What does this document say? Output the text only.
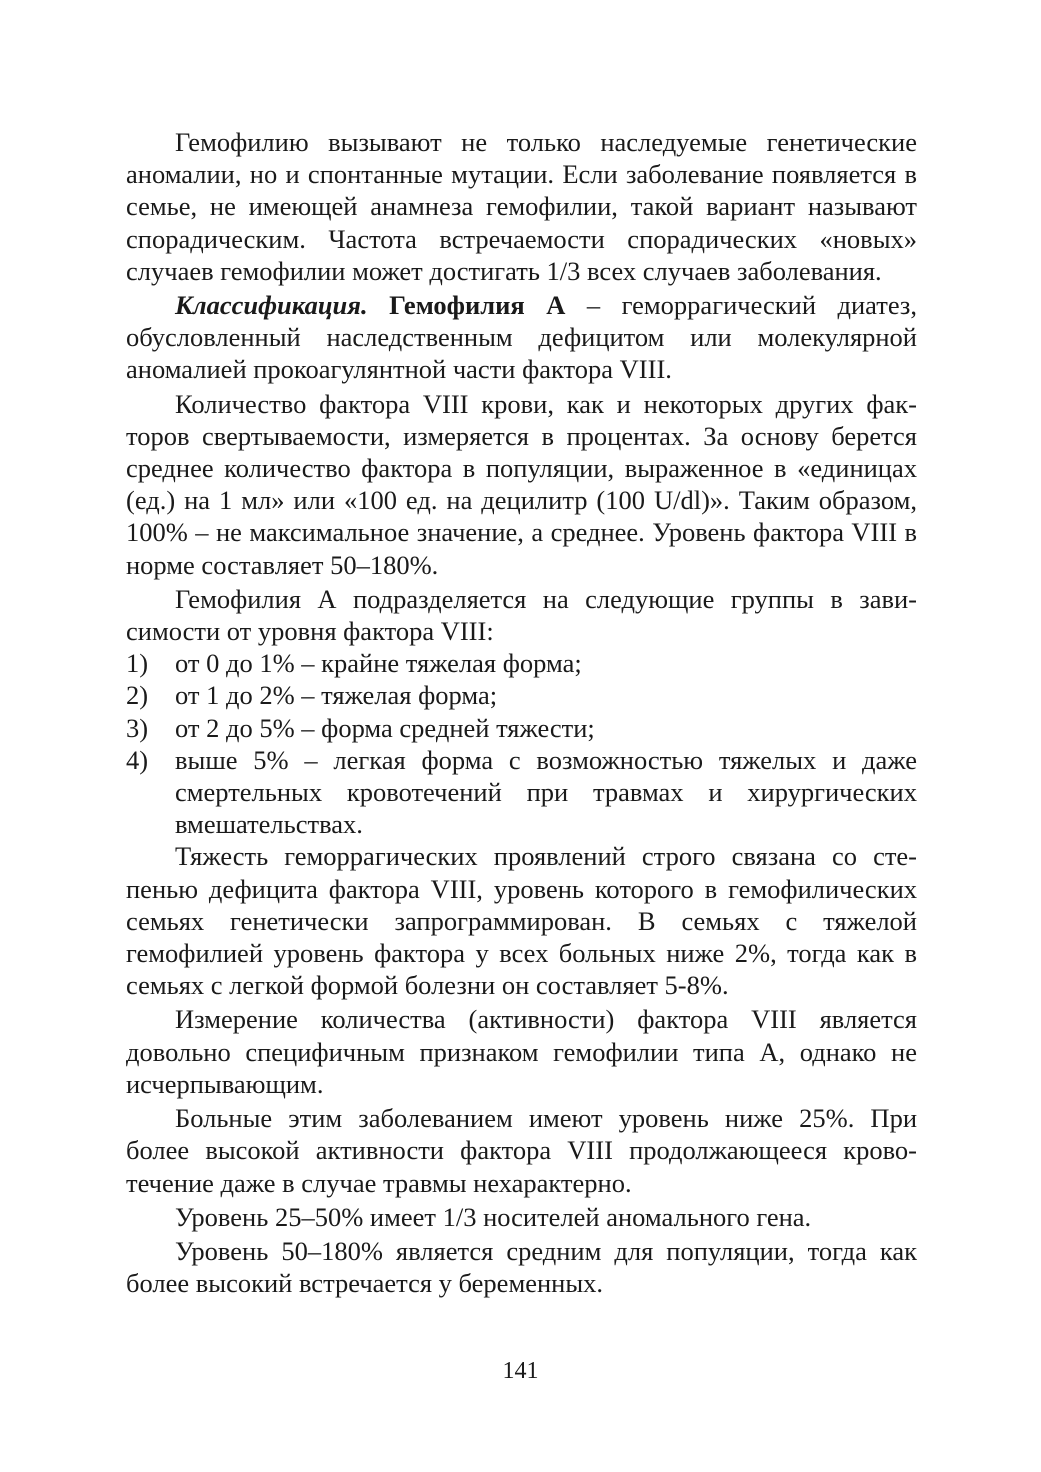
Гемофилию вызывают не только наследуемые генетические аномалии, но и спонтанные мутации. Если заболевание появляется в семье, не имеющей анамнеза гемофилии, такой вариант называют спорадическим. Частота встречаемости спорадических «новых» случаев гемофилии может достигать 1/3 всех случаев заболевания.

Классификация. Гемофилия А – геморрагический диатез, обусловленный наследственным дефицитом или молекулярной аномалией прокоагулянтной части фактора VIII.

Количество фактора VIII крови, как и некоторых других факторов свертываемости, измеряется в процентах. За основу берется среднее количество фактора в популяции, выраженное в «единицах (ед.) на 1 мл» или «100 ед. на децилитр (100 U/dl)». Таким образом, 100% – не максимальное значение, а среднее. Уровень фактора VIII в норме составляет 50–180%.

Гемофилия А подразделяется на следующие группы в зависимости от уровня фактора VIII:

1)	от 0 до 1% – крайне тяжелая форма;
2)	от 1 до 2% – тяжелая форма;
3)	от 2 до 5% – форма средней тяжести;
4)	выше 5% – легкая форма с возможностью тяжелых и даже смертельных кровотечений при травмах и хирургических вмешательствах.

Тяжесть геморрагических проявлений строго связана со степенью дефицита фактора VIII, уровень которого в гемофилических семьях генетически запрограммирован. В семьях с тяжелой гемофилией уровень фактора у всех больных ниже 2%, тогда как в семьях с легкой формой болезни он составляет 5-8%.

Измерение количества (активности) фактора VIII является довольно специфичным признаком гемофилии типа А, однако не исчерпывающим.

Больные этим заболеванием имеют уровень ниже 25%. При более высокой активности фактора VIII продолжающееся кровотечение даже в случае травмы нехарактерно.

Уровень 25–50% имеет 1/3 носителей аномального гена.

Уровень 50–180% является средним для популяции, тогда как более высокий встречается у беременных.

141
